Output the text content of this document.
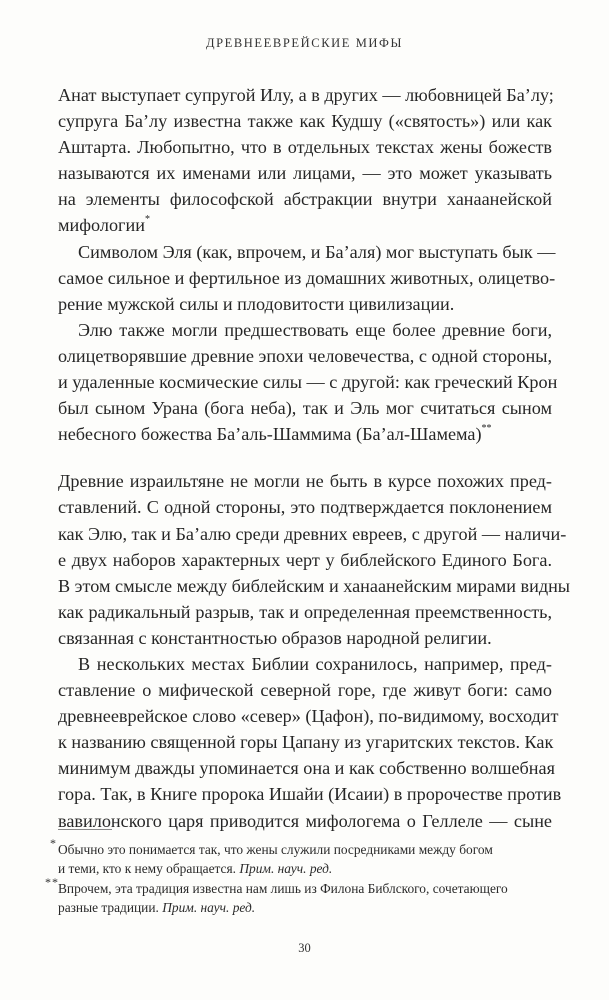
ДРЕВНЕЕВРЕЙСКИЕ МИФЫ

Анат выступает супругой Илу, а в других — любовницей Ба’лу;
супруга Ба’лу известна также как Кудшу («святость») или как
Аштарта. Любопытно, что в отдельных текстах жены божеств
называются их именами или лицами, — это может указывать
на элементы философской абстракции внутри ханаанейской
мифологии*

Символом Эля (как, впрочем, и Ба’аля) мог выступать бык —
самое сильное и фертильное из домашних животных, олицетво-
рение мужской силы и плодовитости цивилизации.

Элю также могли предшествовать еще более древние боги,
олицетворявшие древние эпохи человечества, с одной стороны,
и удаленные космические силы — с другой: как греческий Крон
был сыном Урана (бога неба), так и Эль мог считаться сыном
небесного божества Ба’аль-Шаммима (Ба’ал-Шамема)**

Древние израильтяне не могли не быть в курсе похожих пред-
ставлений. С одной стороны, это подтверждается поклонением
как Элю, так и Ба’алю среди древних евреев, с другой — наличи-
е двух наборов характерных черт у библейского Единого Бога.
В этом смысле между библейским и ханаанейским мирами видны
как радикальный разрыв, так и определенная преемственность,
связанная с константностью образов народной религии.

В нескольких местах Библии сохранилось, например, пред-
ставление о мифической северной горе, где живут боги: само
древнееврейское слово «север» (Цафон), по-видимому, восходит
к названию священной горы Цапану из угаритских текстов. Как
минимум дважды упоминается она и как собственно волшебная
гора. Так, в Книге пророка Ишайи (Исаии) в пророчестве против
вавилонского царя приводится мифологема о Геллеле — сыне

* Обычно это понимается так, что жены служили посредниками между богом
и теми, кто к нему обращается. Прим. науч. ред.
** Впрочем, эта традиция известна нам лишь из Филона Библского, сочетающего
разные традиции. Прим. науч. ред.
30
